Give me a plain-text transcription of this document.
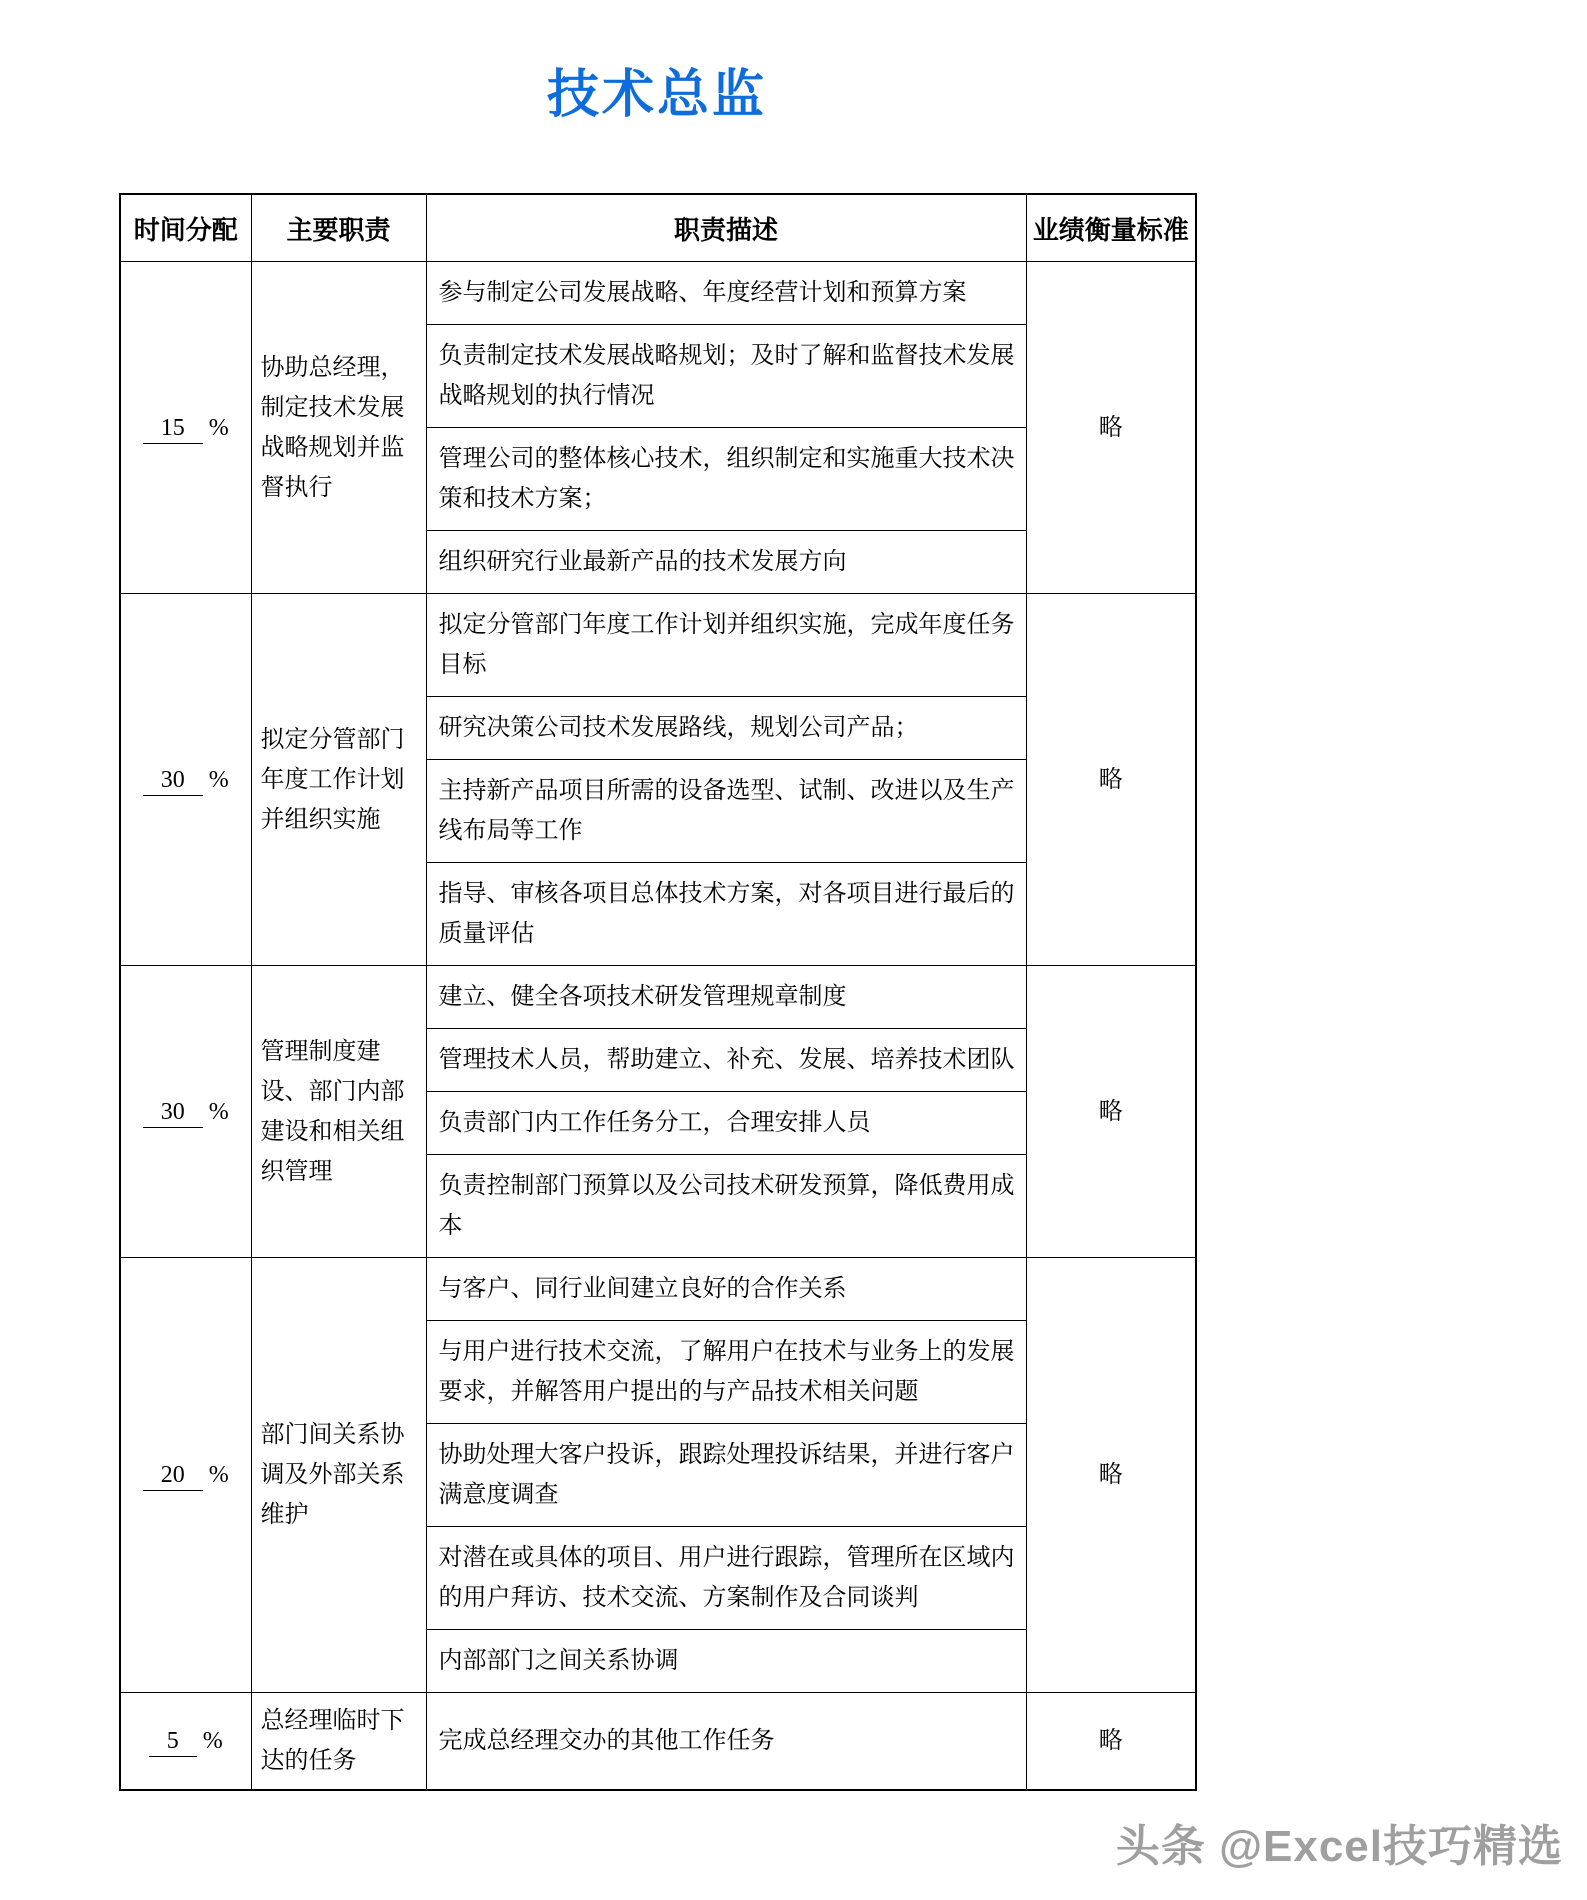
技术总监
时间分配	主要职责	职责描述	业绩衡量标准
15 %	协助总经理，制定技术发展战略规划并监督执行	参与制定公司发展战略、年度经营计划和预算方案	略
		负责制定技术发展战略规划；及时了解和监督技术发展战略规划的执行情况	
		管理公司的整体核心技术，组织制定和实施重大技术决策和技术方案；	
		组织研究行业最新产品的技术发展方向	
30 %	拟定分管部门年度工作计划并组织实施	拟定分管部门年度工作计划并组织实施，完成年度任务目标	略
		研究决策公司技术发展路线，规划公司产品；	
		主持新产品项目所需的设备选型、试制、改进以及生产线布局等工作	
		指导、审核各项目总体技术方案，对各项目进行最后的质量评估	
30 %	管理制度建设、部门内部建设和相关组织管理	建立、健全各项技术研发管理规章制度	略
		管理技术人员，帮助建立、补充、发展、培养技术团队	
		负责部门内工作任务分工，合理安排人员	
		负责控制部门预算以及公司技术研发预算，降低费用成本	
20 %	部门间关系协调及外部关系维护	与客户、同行业间建立良好的合作关系	略
		与用户进行技术交流，了解用户在技术与业务上的发展要求，并解答用户提出的与产品技术相关问题	
		协助处理大客户投诉，跟踪处理投诉结果，并进行客户满意度调查	
		对潜在或具体的项目、用户进行跟踪，管理所在区域内的用户拜访、技术交流、方案制作及合同谈判	
		内部部门之间关系协调	
5 %	总经理临时下达的任务	完成总经理交办的其他工作任务	略
头条 @Excel技巧精选
